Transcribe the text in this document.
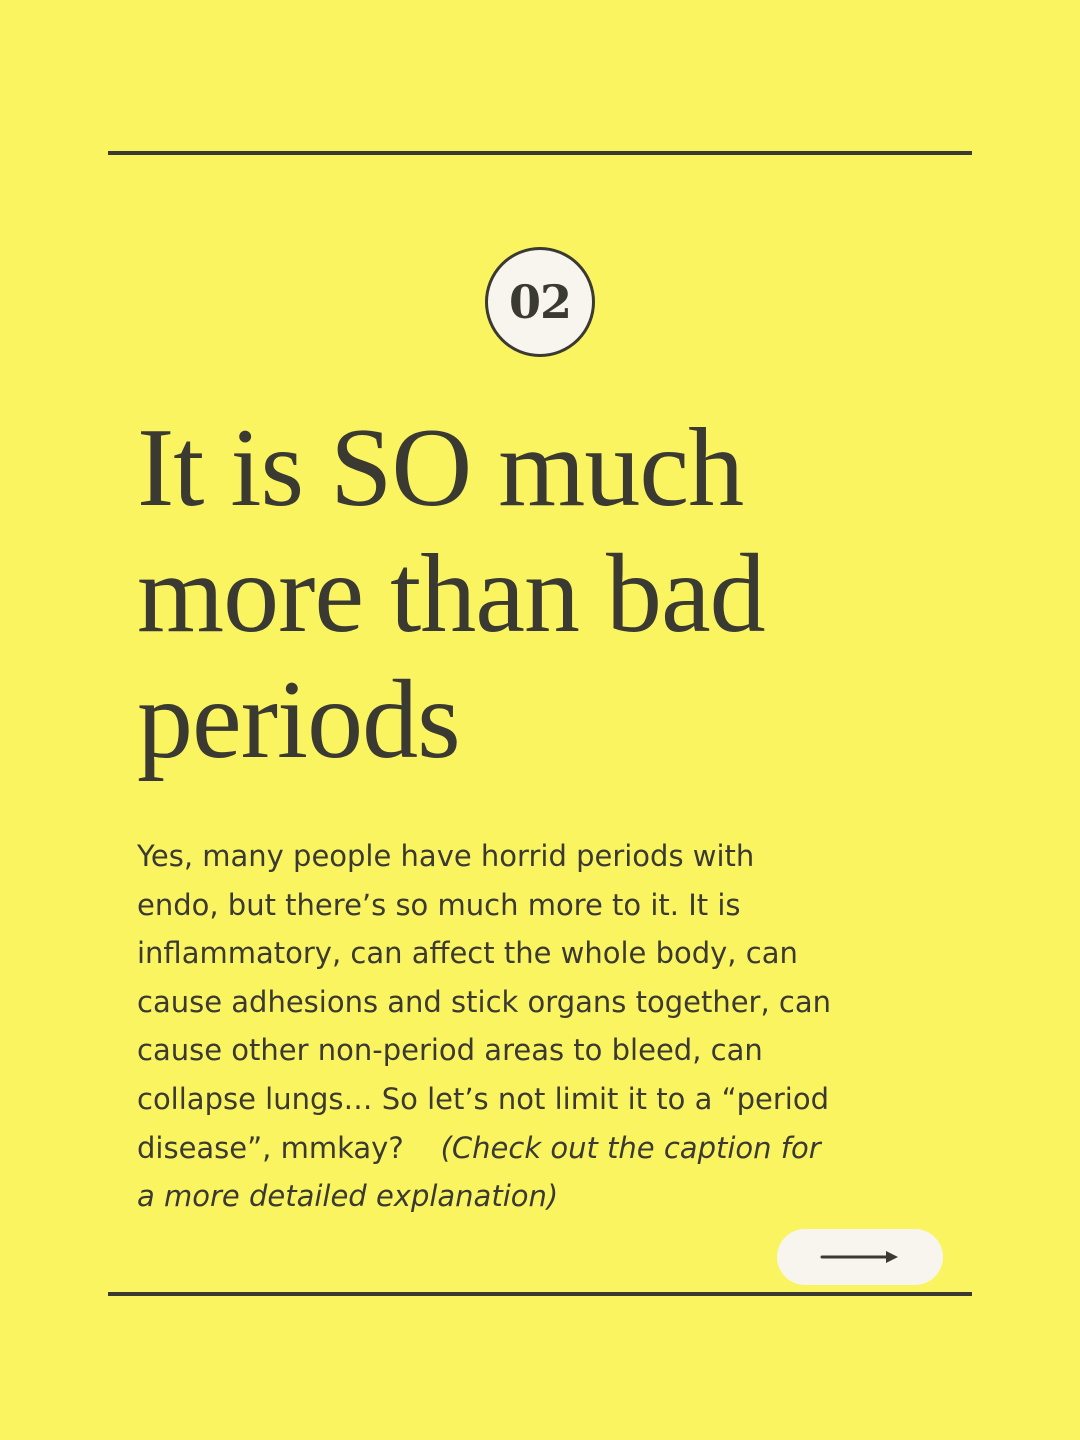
02
It is SO much
more than bad
periods

Yes, many people have horrid periods with
endo, but there’s so much more to it. It is
inflammatory, can affect the whole body, can
cause adhesions and stick organs together, can
cause other non-period areas to bleed, can
collapse lungs… So let’s not limit it to a “period
disease”, mmkay? (Check out the caption for
a more detailed explanation)
